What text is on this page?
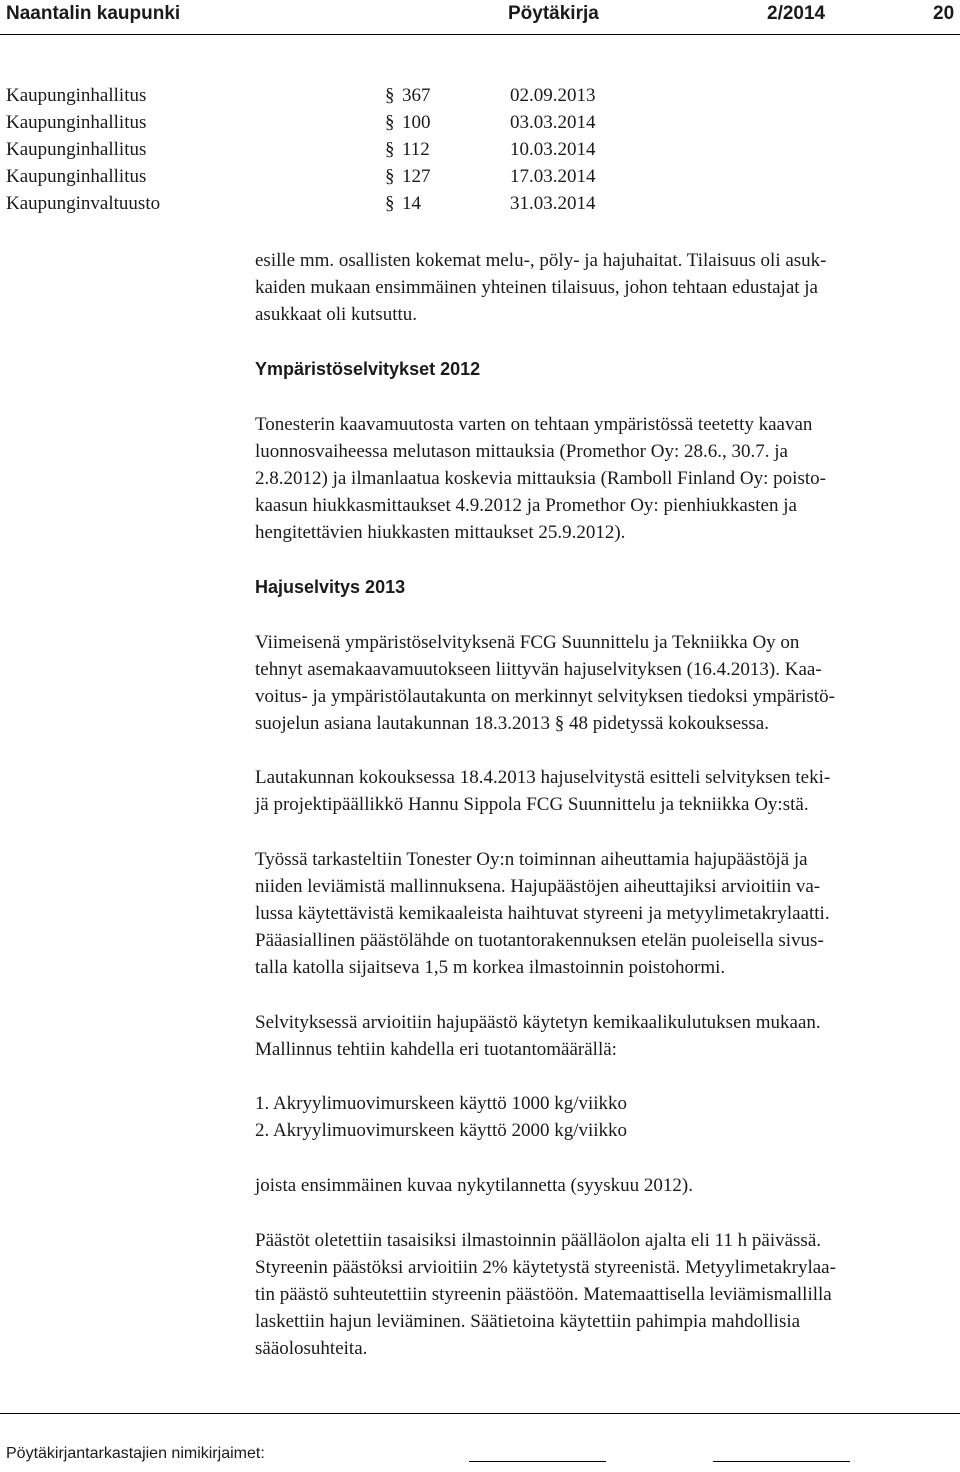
Naantalin kaupunki	Pöytäkirja	2/2014	20
Kaupunginhallitus	§ 367	02.09.2013
Kaupunginhallitus	§ 100	03.03.2014
Kaupunginhallitus	§ 112	10.03.2014
Kaupunginhallitus	§ 127	17.03.2014
Kaupunginvaltuusto	§ 14	31.03.2014

esille mm. osallisten kokemat melu-, pöly- ja hajuhaitat. Tilaisuus oli asuk-
kaiden mukaan ensimmäinen yhteinen tilaisuus, johon tehtaan edustajat ja
asukkaat oli kutsuttu.

Ympäristöselvitykset 2012

Tonesterin kaavamuutosta varten on tehtaan ympäristössä teetetty kaavan
luonnosvaiheessa melutason mittauksia (Promethor Oy: 28.6., 30.7. ja
2.8.2012) ja ilmanlaatua koskevia mittauksia (Ramboll Finland Oy: poisto-
kaasun hiukkasmittaukset 4.9.2012 ja Promethor Oy: pienhiukkasten ja
hengitettävien hiukkasten mittaukset 25.9.2012).

Hajuselvitys 2013

Viimeisenä ympäristöselvityksenä FCG Suunnittelu ja Tekniikka Oy on
tehnyt asemakaavamuutokseen liittyvän hajuselvityksen (16.4.2013). Kaa-
voitus- ja ympäristölautakunta on merkinnyt selvityksen tiedoksi ympäristö-
suojelun asiana lautakunnan 18.3.2013 § 48 pidetyssä kokouksessa.

Lautakunnan kokouksessa 18.4.2013 hajuselvitystä esitteli selvityksen teki-
jä projektipäällikkö Hannu Sippola FCG Suunnittelu ja tekniikka Oy:stä.

Työssä tarkasteltiin Tonester Oy:n toiminnan aiheuttamia hajupäästöjä ja
niiden leviämistä mallinnuksena. Hajupäästöjen aiheuttajiksi arvioitiin va-
lussa käytettävistä kemikaaleista haihtuvat styreeni ja metyylimetakrylaatti.
Pääasiallinen päästölähde on tuotantorakennuksen etelän puoleisella sivus-
talla katolla sijaitseva 1,5 m korkea ilmastoinnin poistohormi.

Selvityksessä arvioitiin hajupäästö käytetyn kemikaalikulutuksen mukaan.
Mallinnus tehtiin kahdella eri tuotantomäärällä:

1. Akryylimuovimurskeen käyttö 1000 kg/viikko
2. Akryylimuovimurskeen käyttö 2000 kg/viikko

joista ensimmäinen kuvaa nykytilannetta (syyskuu 2012).

Päästöt oletettiin tasaisiksi ilmastoinnin päälläolon ajalta eli 11 h päivässä.
Styreenin päästöksi arvioitiin 2% käytetystä styreenistä. Metyylimetakrylaa-
tin päästö suhteutettiin styreenin päästöön. Matemaattisella leviämismallilla
laskettiin hajun leviäminen. Säätietoina käytettiin pahimpia mahdollisia
sääolosuhteita.

Pöytäkirjantarkastajien nimikirjaimet:
